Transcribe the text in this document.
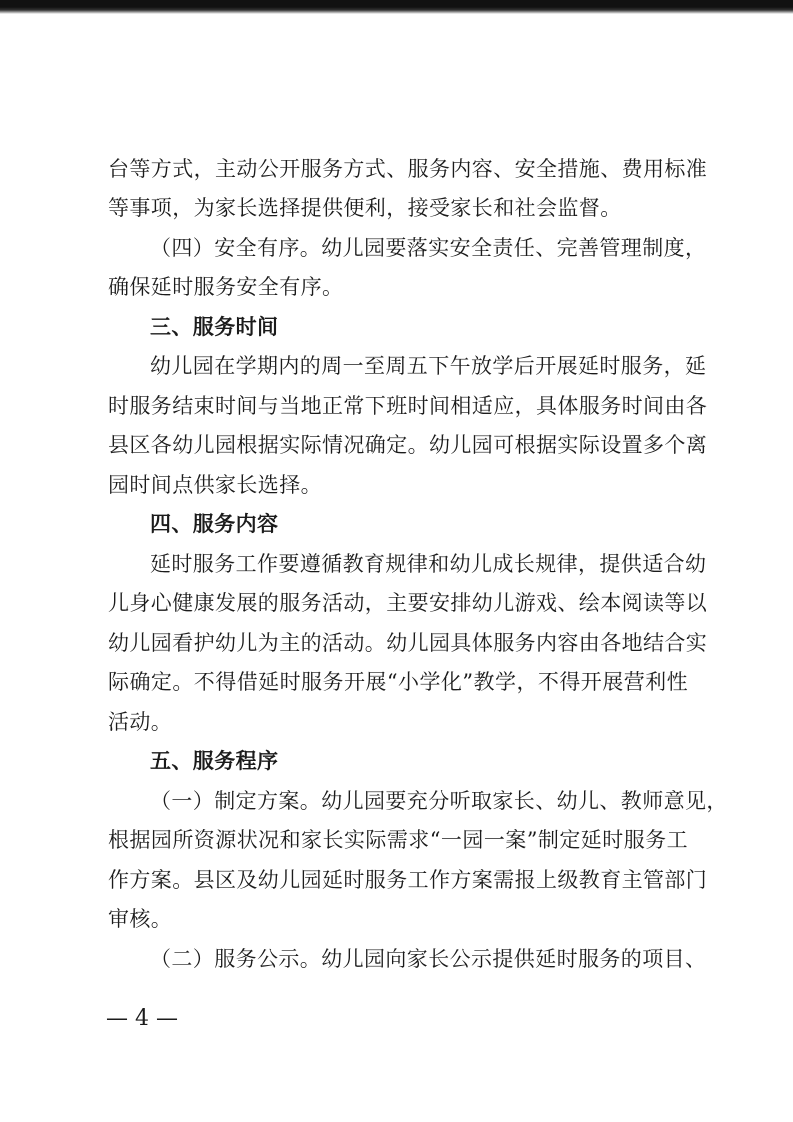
台等方式，主动公开服务方式、服务内容、安全措施、费用标准
等事项，为家长选择提供便利，接受家长和社会监督。
（四）安全有序。幼儿园要落实安全责任、完善管理制度，
确保延时服务安全有序。
三、服务时间
幼儿园在学期内的周一至周五下午放学后开展延时服务，延
时服务结束时间与当地正常下班时间相适应，具体服务时间由各
县区各幼儿园根据实际情况确定。幼儿园可根据实际设置多个离
园时间点供家长选择。
四、服务内容
延时服务工作要遵循教育规律和幼儿成长规律，提供适合幼
儿身心健康发展的服务活动，主要安排幼儿游戏、绘本阅读等以
幼儿园看护幼儿为主的活动。幼儿园具体服务内容由各地结合实
际确定。不得借延时服务开展“小学化”教学，不得开展营利性
活动。
五、服务程序
（一）制定方案。幼儿园要充分听取家长、幼儿、教师意见，
根据园所资源状况和家长实际需求“一园一案”制定延时服务工
作方案。县区及幼儿园延时服务工作方案需报上级教育主管部门
审核。
（二）服务公示。幼儿园向家长公示提供延时服务的项目、
— 4 —
